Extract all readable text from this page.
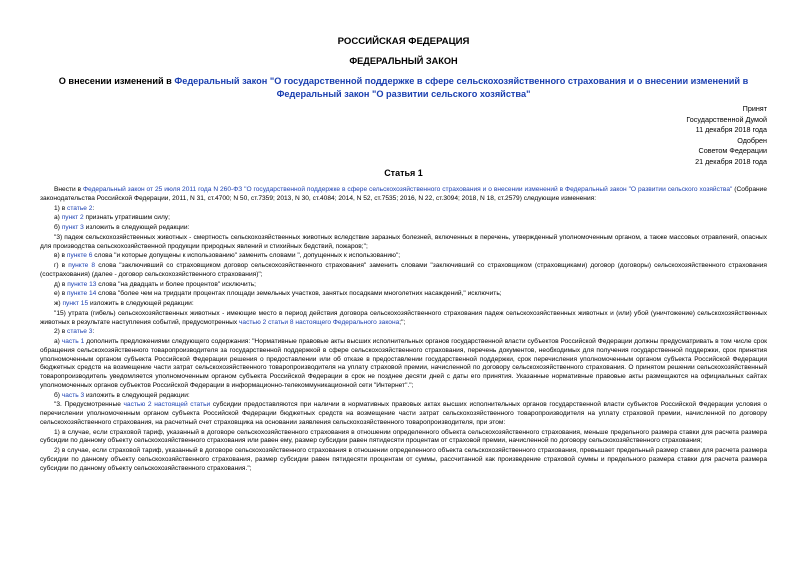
РОССИЙСКАЯ ФЕДЕРАЦИЯ
ФЕДЕРАЛЬНЫЙ ЗАКОН
О внесении изменений в Федеральный закон "О государственной поддержке в сфере сельскохозяйственного страхования и о внесении изменений в Федеральный закон "О развитии сельского хозяйства"
Принят
Государственной Думой
11 декабря 2018 года
Одобрен
Советом Федерации
21 декабря 2018 года
Статья 1

Внести в Федеральный закон от 25 июля 2011 года N 260-ФЗ "О государственной поддержке в сфере сельскохозяйственного страхования и о внесении изменений в Федеральный закон "О развитии сельского хозяйства" (Собрание законодательства Российской Федерации, 2011, N 31, ст.4700; N 50, ст.7359; 2013, N 30, ст.4084; 2014, N 52, ст.7535; 2016, N 22, ст.3094; 2018, N 18, ст.2579) следующие изменения:

1) в статье 2:

а) пункт 2 признать утратившим силу;

б) пункт 3 изложить в следующей редакции:

"3) падеж сельскохозяйственных животных - смертность сельскохозяйственных животных вследствие заразных болезней, включенных в перечень, утвержденный уполномоченным органом, а также массовых отравлений, опасных для производства сельскохозяйственной продукции природных явлений и стихийных бедствий, пожаров;";

в) в пункте 6 слова "и которые допущены к использованию" заменить словами ", допущенных к использованию";

г) в пункте 8 слова "заключивший со страховщиком договор сельскохозяйственного страхования" заменить словами "заключивший со страховщиком (страховщиками) договор (договоры) сельскохозяйственного страхования (сострахования) (далее - договор сельскохозяйственного страхования)";

д) в пункте 13 слова "на двадцать и более процентов" исключить;

е) в пункте 14 слова "более чем на тридцати процентах площади земельных участков, занятых посадками многолетних насаждений," исключить;

ж) пункт 15 изложить в следующей редакции:

"15) утрата (гибель) сельскохозяйственных животных - имеющие место в период действия договора сельскохозяйственного страхования падеж сельскохозяйственных животных и (или) убой (уничтожение) сельскохозяйственных животных в результате наступления событий, предусмотренных частью 2 статьи 8 настоящего Федерального закона;";

2) в статье 3:

а) часть 1 дополнить предложениями следующего содержания: "Нормативные правовые акты высших исполнительных органов государственной власти субъектов Российской Федерации должны предусматривать в том числе срок обращения сельскохозяйственного товаропроизводителя за государственной поддержкой в сфере сельскохозяйственного страхования, перечень документов, необходимых для получения государственной поддержки, срок принятия уполномоченным органом субъекта Российской Федерации решения о предоставлении или об отказе в предоставлении государственной поддержки, срок перечисления уполномоченным органом субъекта Российской Федерации бюджетных средств на возмещение части затрат сельскохозяйственного товаропроизводителя на уплату страховой премии, начисленной по договору сельскохозяйственного страхования. О принятом решении сельскохозяйственный товаропроизводитель уведомляется уполномоченным органом субъекта Российской Федерации в срок не позднее десяти дней с даты его принятия. Указанные нормативные правовые акты размещаются на официальных сайтах уполномоченных органов субъектов Российской Федерации в информационно-телекоммуникационной сети "Интернет".";

б) часть 3 изложить в следующей редакции:

"3. Предусмотренные частью 2 настоящей статьи субсидии предоставляются при наличии в нормативных правовых актах высших исполнительных органов государственной власти субъектов Российской Федерации условия о перечислении уполномоченным органом субъекта Российской Федерации бюджетных средств на возмещение части затрат сельскохозяйственного товаропроизводителя на уплату страховой премии, начисленной по договору сельскохозяйственного страхования, на расчетный счет страховщика на основании заявления сельскохозяйственного товаропроизводителя, при этом:

1) в случае, если страховой тариф, указанный в договоре сельскохозяйственного страхования в отношении определенного объекта сельскохозяйственного страхования, меньше предельного размера ставки для расчета размера субсидии по данному объекту сельскохозяйственного страхования или равен ему, размер субсидии равен пятидесяти процентам от страховой премии, начисленной по договору сельскохозяйственного страхования;

2) в случае, если страховой тариф, указанный в договоре сельскохозяйственного страхования в отношении определенного объекта сельскохозяйственного страхования, превышает предельный размер ставки для расчета размера субсидии по данному объекту сельскохозяйственного страхования, размер субсидии равен пятидесяти процентам от суммы, рассчитанной как произведение страховой суммы и предельного размера ставки для расчета размера субсидии по данному объекту сельскохозяйственного страхования.";
